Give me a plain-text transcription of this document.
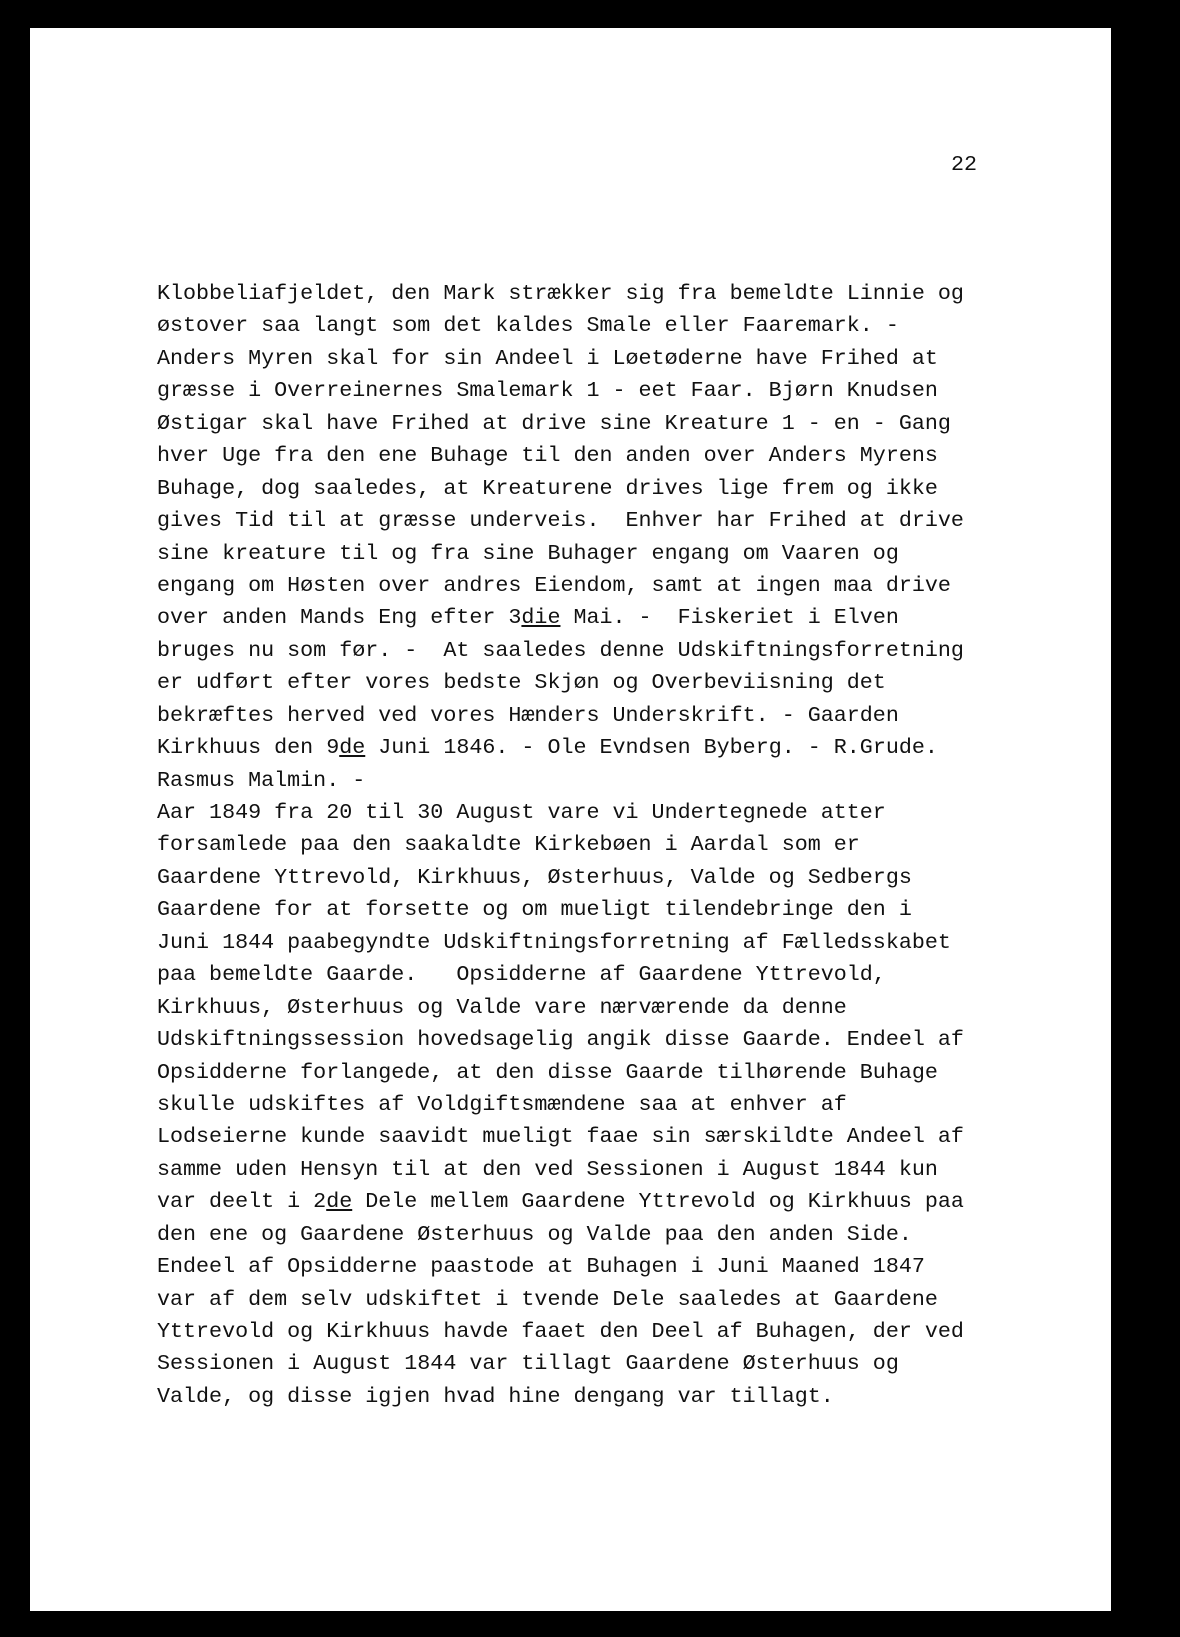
22
Klobbeliafjeldet, den Mark strækker sig fra bemeldte Linnie og
østover saa langt som det kaldes Smale eller Faaremark. -
Anders Myren skal for sin Andeel i Løetøderne have Frihed at
græsse i Overreinernes Smalemark 1 - eet Faar. Bjørn Knudsen
Østigar skal have Frihed at drive sine Kreature 1 - en - Gang
hver Uge fra den ene Buhage til den anden over Anders Myrens
Buhage, dog saaledes, at Kreaturene drives lige frem og ikke
gives Tid til at græsse underveis.  Enhver har Frihed at drive
sine kreature til og fra sine Buhager engang om Vaaren og
engang om Høsten over andres Eiendom, samt at ingen maa drive
over anden Mands Eng efter 3die Mai. -  Fiskeriet i Elven
bruges nu som før. -  At saaledes denne Udskiftningsforretning
er udført efter vores bedste Skjøn og Overbeviisning det
bekræftes herved ved vores Hænders Underskrift. - Gaarden
Kirkhuus den 9de Juni 1846. - Ole Evndsen Byberg. - R.Grude.
Rasmus Malmin. -
Aar 1849 fra 20 til 30 August vare vi Undertegnede atter
forsamlede paa den saakaldte Kirkebøen i Aardal som er
Gaardene Yttrevold, Kirkhuus, Østerhuus, Valde og Sedbergs
Gaardene for at forsette og om mueligt tilendebringe den i
Juni 1844 paabegyndte Udskiftningsforretning af Fælledsskabet
paa bemeldte Gaarde.   Opsidderne af Gaardene Yttrevold,
Kirkhuus, Østerhuus og Valde vare nærværende da denne
Udskiftningssession hovedsagelig angik disse Gaarde. Endeel af
Opsidderne forlangede, at den disse Gaarde tilhørende Buhage
skulle udskiftes af Voldgiftsmændene saa at enhver af
Lodseierne kunde saavidt mueligt faae sin særskildte Andeel af
samme uden Hensyn til at den ved Sessionen i August 1844 kun
var deelt i 2de Dele mellem Gaardene Yttrevold og Kirkhuus paa
den ene og Gaardene Østerhuus og Valde paa den anden Side.
Endeel af Opsidderne paastode at Buhagen i Juni Maaned 1847
var af dem selv udskiftet i tvende Dele saaledes at Gaardene
Yttrevold og Kirkhuus havde faaet den Deel af Buhagen, der ved
Sessionen i August 1844 var tillagt Gaardene Østerhuus og
Valde, og disse igjen hvad hine dengang var tillagt.
